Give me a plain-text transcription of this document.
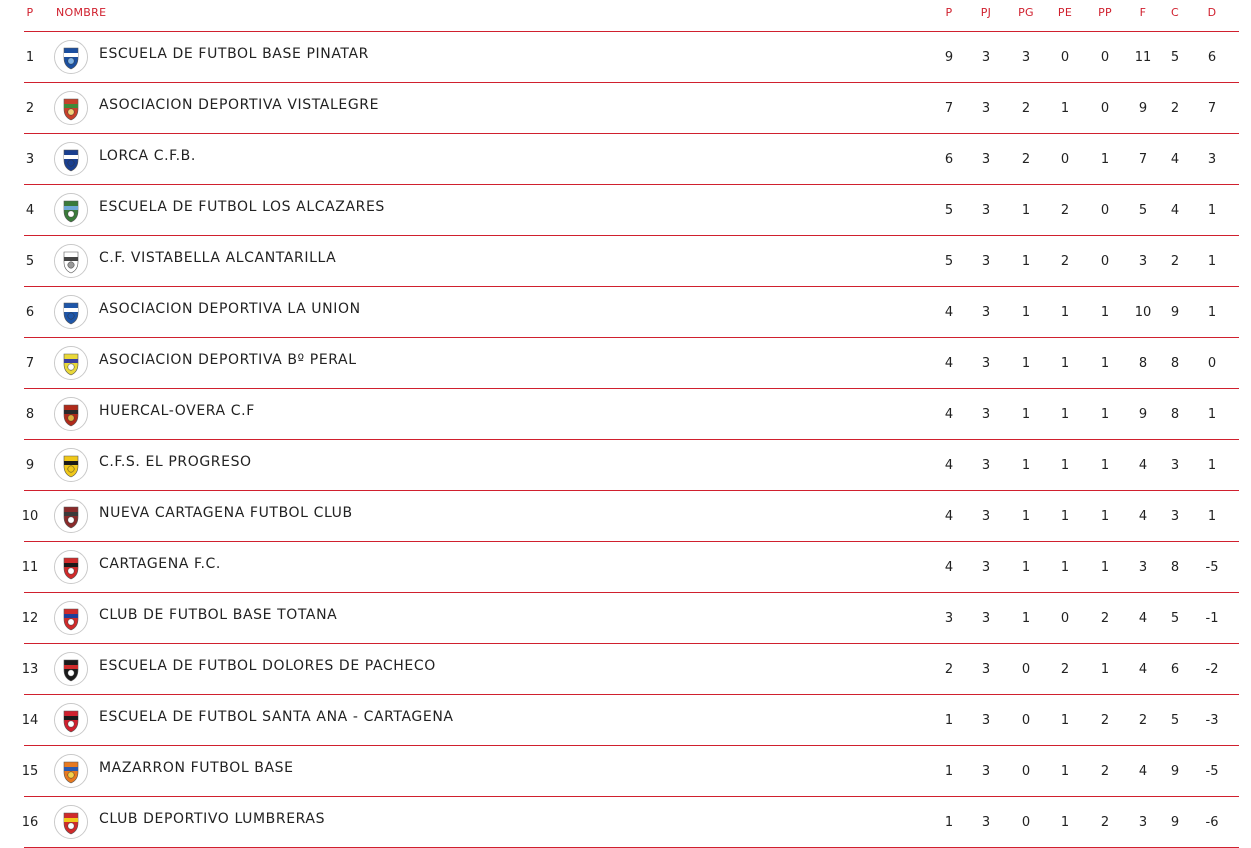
P	NOMBRE	P	PJ	PG	PE	PP	F	C	D
1	ESCUELA DE FUTBOL BASE PINATAR	9	3	3	0	0	11	5	6
2	ASOCIACION DEPORTIVA VISTALEGRE	7	3	2	1	0	9	2	7
3	LORCA C.F.B.	6	3	2	0	1	7	4	3
4	ESCUELA DE FUTBOL LOS ALCAZARES	5	3	1	2	0	5	4	1
5	C.F. VISTABELLA ALCANTARILLA	5	3	1	2	0	3	2	1
6	ASOCIACION DEPORTIVA LA UNION	4	3	1	1	1	10	9	1
7	ASOCIACION DEPORTIVA Bº PERAL	4	3	1	1	1	8	8	0
8	HUERCAL-OVERA C.F	4	3	1	1	1	9	8	1
9	C.F.S. EL PROGRESO	4	3	1	1	1	4	3	1
10	NUEVA CARTAGENA FUTBOL CLUB	4	3	1	1	1	4	3	1
11	CARTAGENA F.C.	4	3	1	1	1	3	8	-5
12	CLUB DE FUTBOL BASE TOTANA	3	3	1	0	2	4	5	-1
13	ESCUELA DE FUTBOL DOLORES DE PACHECO	2	3	0	2	1	4	6	-2
14	ESCUELA DE FUTBOL SANTA ANA - CARTAGENA	1	3	0	1	2	2	5	-3
15	MAZARRON FUTBOL BASE	1	3	0	1	2	4	9	-5
16	CLUB DEPORTIVO LUMBRERAS	1	3	0	1	2	3	9	-6
